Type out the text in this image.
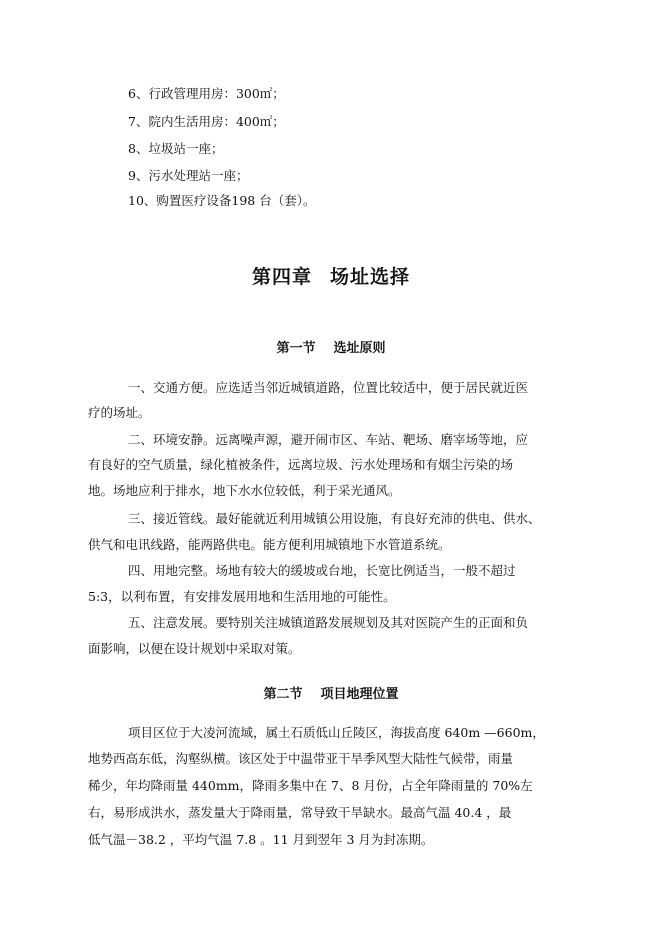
6、行政管理用房：300㎡；
7、院内生活用房：400㎡；
8、垃圾站一座；
9、污水处理站一座；
10、购置医疗设备198 台（套）。
第四章 场址选择
第一节 选址原则
一、交通方便。应选适当邻近城镇道路，位置比较适中，便于居民就近医
疗的场址。
二、环境安静。远离噪声源，避开闹市区、车站、靶场、磨宰场等地，应
有良好的空气质量，绿化植被条件，远离垃圾、污水处理场和有烟尘污染的场
地。场地应利于排水，地下水水位较低，利于采光通风。
三、接近管线。最好能就近利用城镇公用设施，有良好充沛的供电、供水、
供气和电讯线路，能两路供电。能方便利用城镇地下水管道系统。
四、用地完整。场地有较大的缓坡或台地，长宽比例适当，一般不超过
5:3，以利布置，有安排发展用地和生活用地的可能性。
五、注意发展。要特别关注城镇道路发展规划及其对医院产生的正面和负
面影响，以便在设计规划中采取对策。
第二节 项目地理位置
项目区位于大凌河流域，属土石质低山丘陵区，海拔高度 640m —660m，
地势西高东低，沟壑纵横。该区处于中温带亚干旱季风型大陆性气候带，雨量
稀少，年均降雨量 440mm，降雨多集中在 7、8 月份，占全年降雨量的 70%左
右，易形成洪水，蒸发量大于降雨量，常导致干旱缺水。最高气温 40.4 ，最
低气温－38.2 ，平均气温 7.8 。11 月到翌年 3 月为封冻期。
